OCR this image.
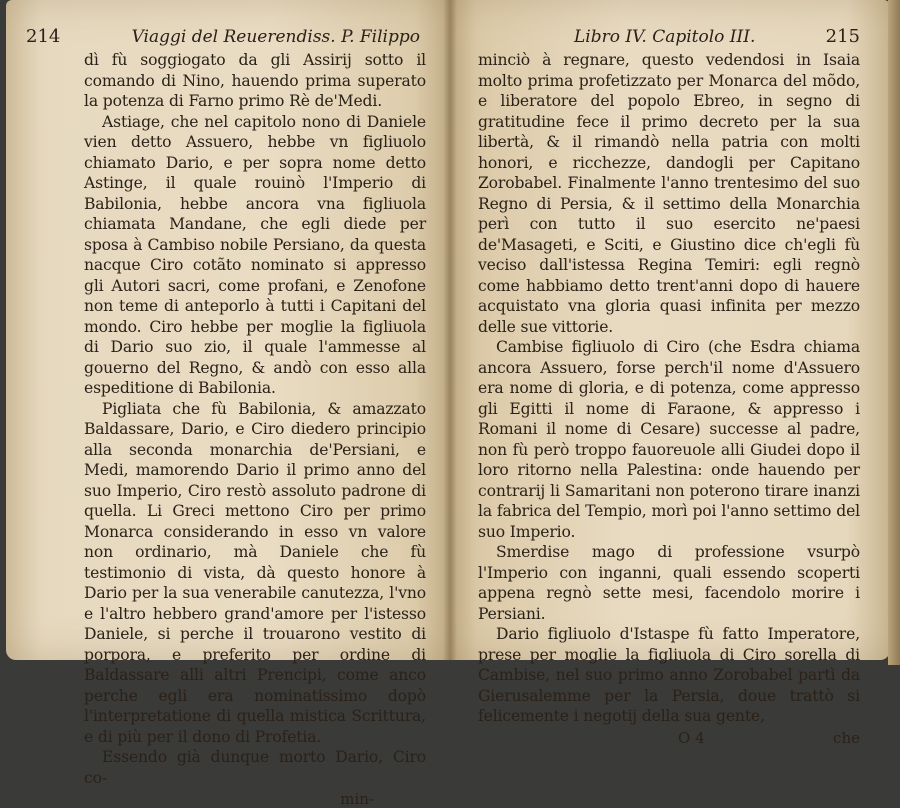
214	Viaggi del Reuerendiss. P. Filippo

dì fù soggiogato da gli Assirij sotto il comando di Nino, hauendo prima superato la potenza di Farno primo Rè de'Medi.

Astiage, che nel capitolo nono di Daniele vien detto Assuero, hebbe vn figliuolo chiamato Dario, e per sopra nome detto Astinge, il quale rouinò l'Imperio di Babilonia, hebbe ancora vna figliuola chiamata Mandane, che egli diede per sposa à Cambiso nobile Persiano, da questa nacque Ciro cotãto nominato si appresso gli Autori sacri, come profani, e Zenofone non teme di anteporlo à tutti i Capitani del mondo. Ciro hebbe per moglie la figliuola di Dario suo zio, il quale l'ammesse al gouerno del Regno, & andò con esso alla espeditione di Babilonia.

Pigliata che fù Babilonia, & amazzato Baldassare, Dario, e Ciro diedero principio alla seconda monarchia de'Persiani, e Medi, mamorendo Dario il primo anno del suo Imperio, Ciro restò assoluto padrone di quella. Li Greci mettono Ciro per primo Monarca considerando in esso vn valore non ordinario, mà Daniele che fù testimonio di vista, dà questo honore à Dario per la sua venerabile canutezza, l'vno e l'altro hebbero grand'amore per l'istesso Daniele, si perche il trouarono vestito di porpora, e preferito per ordine di Baldassare alli altri Prencipi, come anco perche egli era nominatissimo dopò l'interpretatione di quella mistica Scrittura, e di più per il dono di Profetia.

Essendo già dunque morto Dario, Ciro co-

min-
Libro IV. Capitolo III.	215

minciò à regnare, questo vedendosi in Isaia molto prima profetizzato per Monarca del mõdo, e liberatore del popolo Ebreo, in segno di gratitudine fece il primo decreto per la sua libertà, & il rimandò nella patria con molti honori, e ricchezze, dandogli per Capitano Zorobabel. Finalmente l'anno trentesimo del suo Regno di Persia, & il settimo della Monarchia perì con tutto il suo esercito ne'paesi de'Masageti, e Sciti, e Giustino dice ch'egli fù veciso dall'istessa Regina Temiri: egli regnò come habbiamo detto trent'anni dopo di hauere acquistato vna gloria quasi infinita per mezzo delle sue vittorie.

Cambise figliuolo di Ciro (che Esdra chiama ancora Assuero, forse perch'il nome d'Assuero era nome di gloria, e di potenza, come appresso gli Egitti il nome di Faraone, & appresso i Romani il nome di Cesare) successe al padre, non fù però troppo fauoreuole alli Giudei dopo il loro ritorno nella Palestina: onde hauendo per contrarij li Samaritani non poterono tirare inanzi la fabrica del Tempio, morì poi l'anno settimo del suo Imperio.

Smerdise mago di professione vsurpò l'Imperio con inganni, quali essendo scoperti appena regnò sette mesi, facendolo morire i Persiani.

Dario figliuolo d'Istaspe fù fatto Imperatore, prese per moglie la figliuola di Ciro sorella di Cambise, nel suo primo anno Zorobabel partì da Gierusalemme per la Persia, doue trattò si felicemente i negotij della sua gente,

O 4	che
